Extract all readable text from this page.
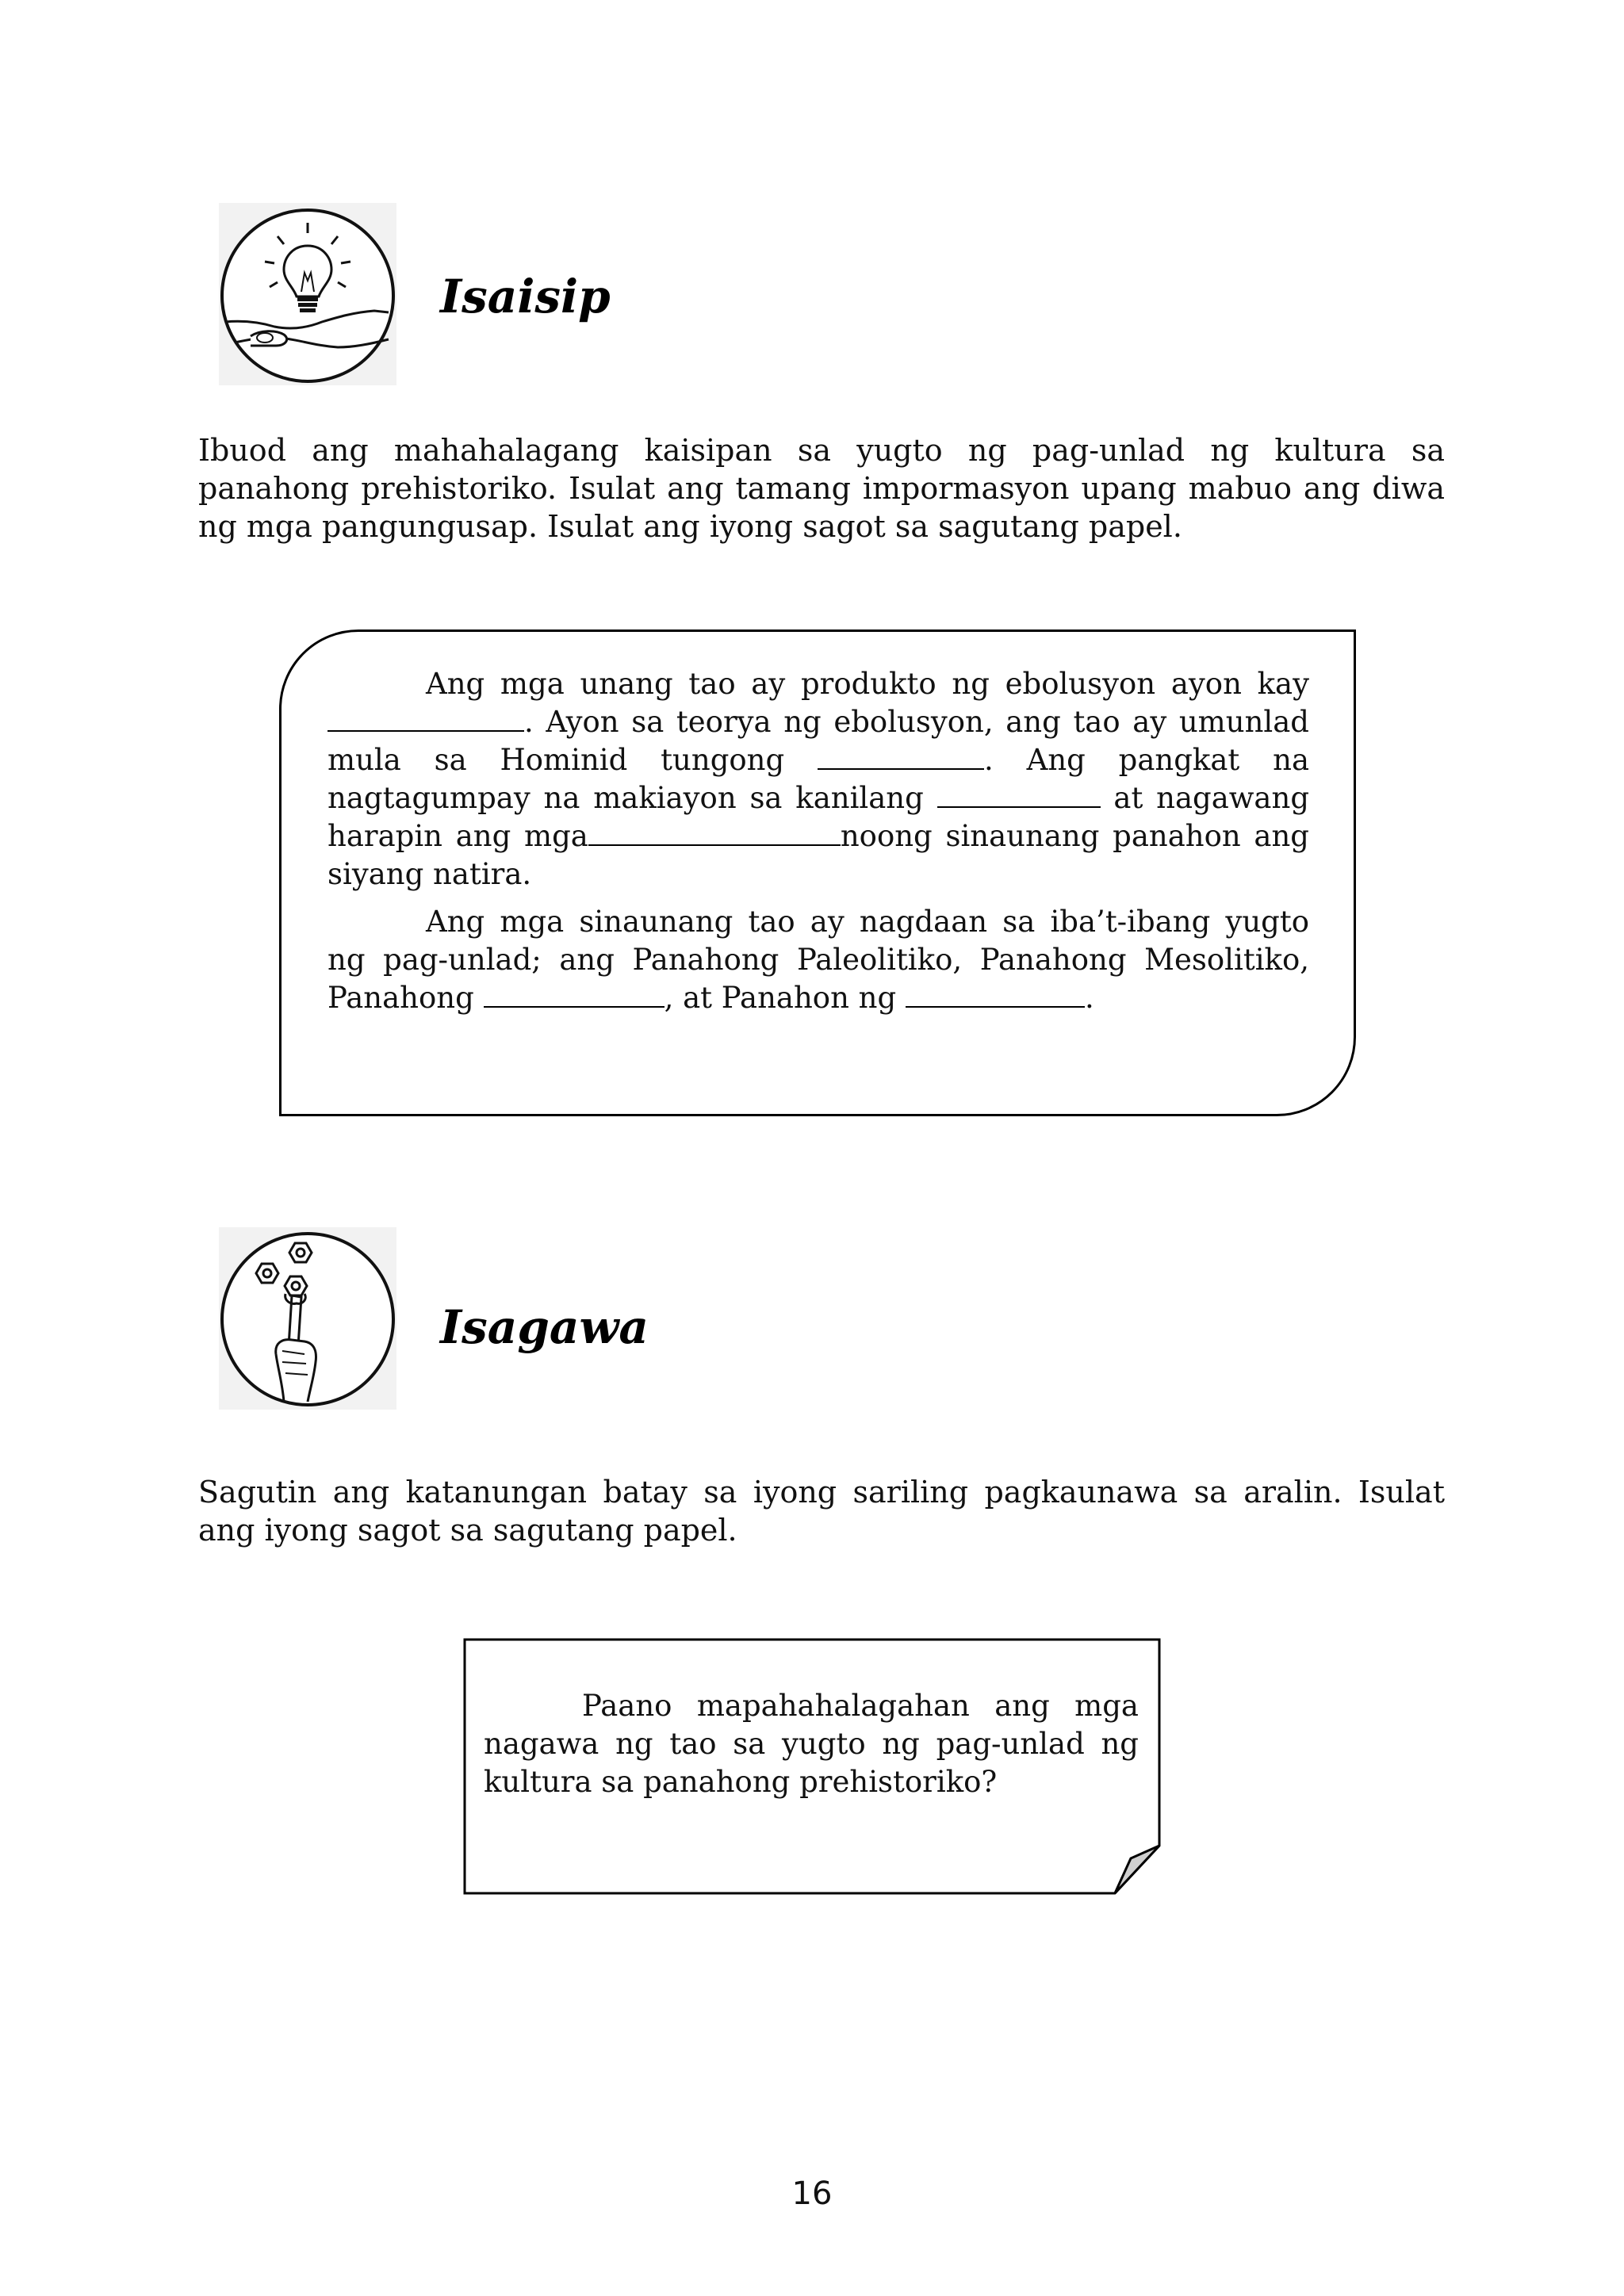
Isaisip

Ibuod ang mahahalagang kaisipan sa yugto ng pag-unlad ng kultura sa panahong prehistoriko. Isulat ang tamang impormasyon upang mabuo ang diwa ng mga pangungusap. Isulat ang iyong sagot sa sagutang papel.

Ang mga unang tao ay produkto ng ebolusyon ayon kay . Ayon sa teorya ng ebolusyon, ang tao ay umunlad mula sa Hominid tungong	. Ang pangkat na nagtagumpay na makiayon sa kanilang	at nagawang harapin ang mga	noong sinaunang panahon ang siyang natira.

Ang mga sinaunang tao ay nagdaan sa iba’t-ibang yugto ng pag-unlad; ang Panahong Paleolitiko, Panahong Mesolitiko, Panahong	, at Panahon ng	.

Isagawa

Sagutin ang katanungan batay sa iyong sariling pagkaunawa sa aralin. Isulat ang iyong sagot sa sagutang papel.

Paano mapahahalagahan ang mga nagawa ng tao sa yugto ng pag-unlad ng kultura sa panahong prehistoriko?

16
